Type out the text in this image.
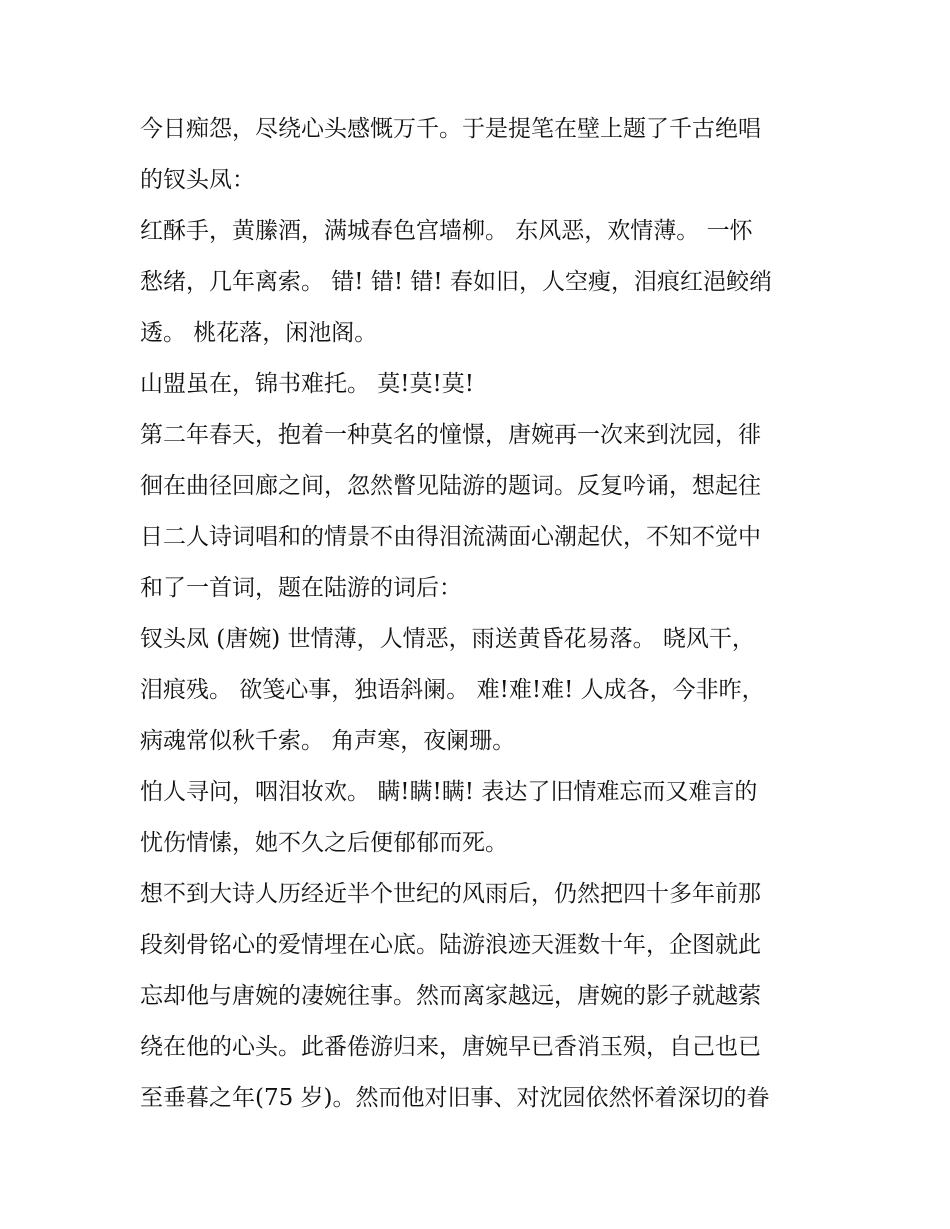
今日痴怨，尽绕心头感慨万千。于是提笔在壁上题了千古绝唱
的钗头凤：
红酥手，黄縢酒，满城春色宫墙柳。 东风恶，欢情薄。 一怀
愁绪，几年离索。 错! 错! 错! 春如旧，人空瘦，泪痕红浥鲛绡
透。 桃花落，闲池阁。
山盟虽在，锦书难托。 莫!莫!莫!
第二年春天，抱着一种莫名的憧憬，唐婉再一次来到沈园，徘
徊在曲径回廊之间，忽然瞥见陆游的题词。反复吟诵，想起往
日二人诗词唱和的情景不由得泪流满面心潮起伏，不知不觉中
和了一首词，题在陆游的词后：
钗头凤 (唐婉) 世情薄，人情恶，雨送黄昏花易落。 晓风干，
泪痕残。 欲笺心事，独语斜阑。 难!难!难! 人成各，今非昨，
病魂常似秋千索。 角声寒，夜阑珊。
怕人寻问，咽泪妆欢。 瞒!瞒!瞒! 表达了旧情难忘而又难言的
忧伤情愫，她不久之后便郁郁而死。
想不到大诗人历经近半个世纪的风雨后，仍然把四十多年前那
段刻骨铭心的爱情埋在心底。陆游浪迹天涯数十年，企图就此
忘却他与唐婉的凄婉往事。然而离家越远，唐婉的影子就越萦
绕在他的心头。此番倦游归来，唐婉早已香消玉殒，自己也已
至垂暮之年(75 岁)。然而他对旧事、对沈园依然怀着深切的眷
